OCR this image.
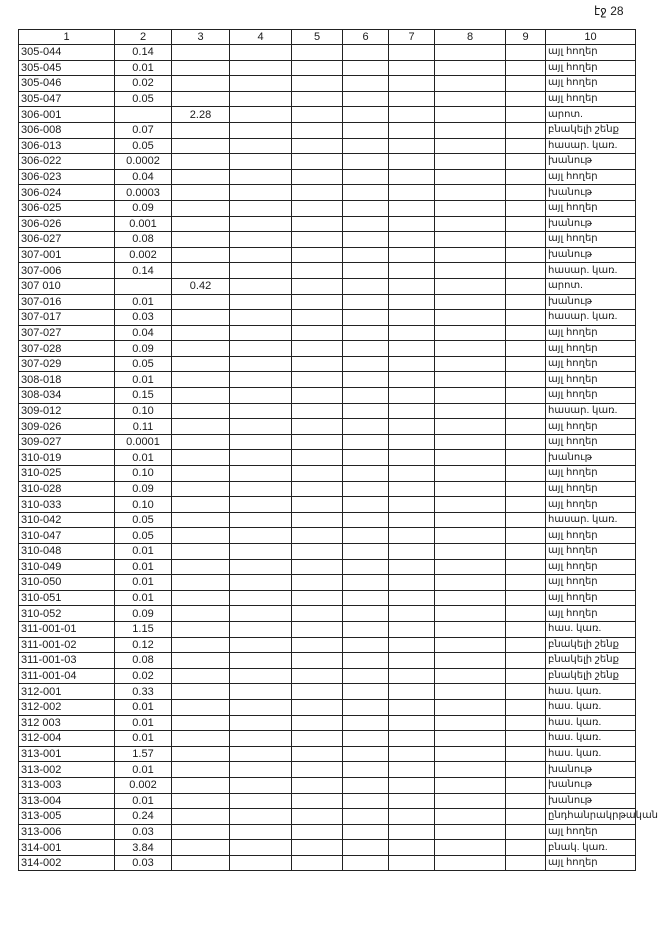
էջ 28
1	2	3	4	5	6	7	8	9	10
305-044	0.14								այլ հողեր
305-045	0.01								այլ հողեր
305-046	0.02								այլ հողեր
305-047	0.05								այլ հողեր
306-001		2.28							արոտ.
306-008	0.07								բնակելի շենք
306-013	0.05								հասար. կառ.
306-022	0.0002								խանութ
306-023	0.04								այլ հողեր
306-024	0.0003								խանութ
306-025	0.09								այլ հողեր
306-026	0.001								խանութ
306-027	0.08								այլ հողեր
307-001	0.002								խանութ
307-006	0.14								հասար. կառ.
307 010		0.42							արոտ.
307-016	0.01								խանութ
307-017	0.03								հասար. կառ.
307-027	0.04								այլ հողեր
307-028	0.09								այլ հողեր
307-029	0.05								այլ հողեր
308-018	0.01								այլ հողեր
308-034	0.15								այլ հողեր
309-012	0.10								հասար. կառ.
309-026	0.11								այլ հողեր
309-027	0.0001								այլ հողեր
310-019	0.01								խանութ
310-025	0.10								այլ հողեր
310-028	0.09								այլ հողեր
310-033	0.10								այլ հողեր
310-042	0.05								հասար. կառ.
310-047	0.05								այլ հողեր
310-048	0.01								այլ հողեր
310-049	0.01								այլ հողեր
310-050	0.01								այլ հողեր
310-051	0.01								այլ հողեր
310-052	0.09								այլ հողեր
311-001-01	1.15								հաս. կառ.
311-001-02	0.12								բնակելի շենք
311-001-03	0.08								բնակելի շենք
311-001-04	0.02								բնակելի շենք
312-001	0.33								հաս. կառ.
312-002	0.01								հաս. կառ.
312 003	0.01								հաս. կառ.
312-004	0.01								հաս. կառ.
313-001	1.57								հաս. կառ.
313-002	0.01								խանութ
313-003	0.002								խանութ
313-004	0.01								խանութ
313-005	0.24								ընդհանրակրթական
313-006	0.03								այլ հողեր
314-001	3.84								բնակ. կառ.
314-002	0.03								այլ հողեր
